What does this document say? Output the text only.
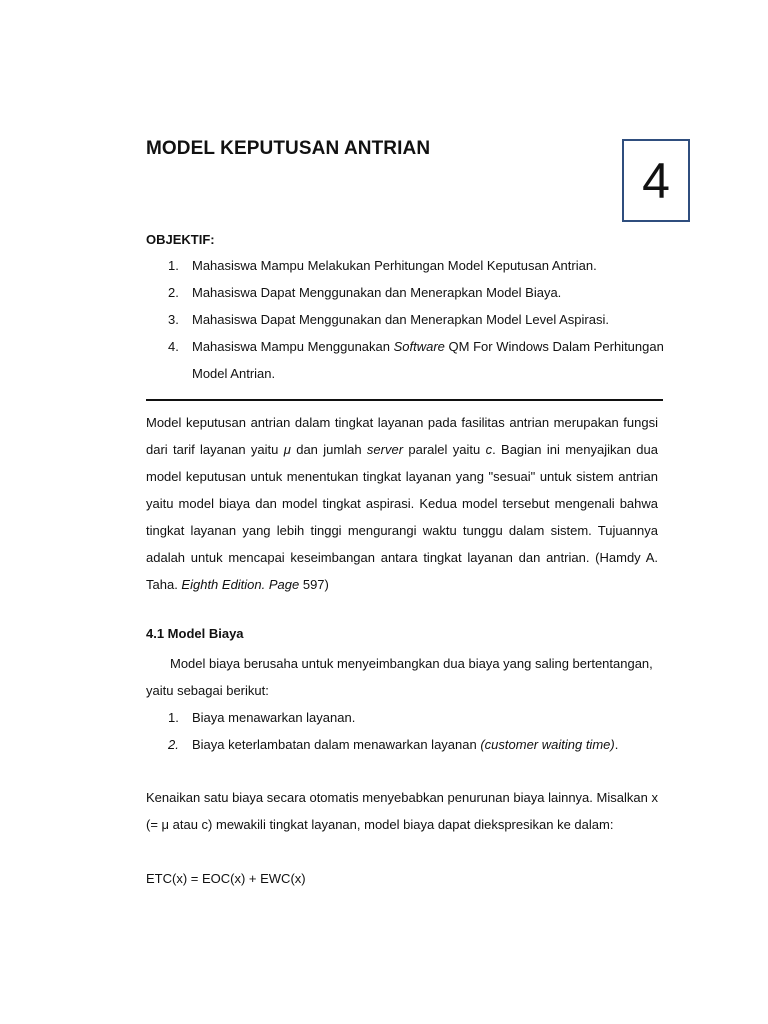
MODEL KEPUTUSAN ANTRIAN
4
OBJEKTIF:
1. Mahasiswa Mampu Melakukan Perhitungan Model Keputusan Antrian.
2. Mahasiswa Dapat Menggunakan dan Menerapkan Model Biaya.
3. Mahasiswa Dapat Menggunakan dan Menerapkan Model Level Aspirasi.
4. Mahasiswa Mampu Menggunakan Software QM For Windows Dalam Perhitungan Model Antrian.

Model keputusan antrian dalam tingkat layanan pada fasilitas antrian merupakan fungsi dari tarif layanan yaitu μ dan jumlah server paralel yaitu c. Bagian ini menyajikan dua model keputusan untuk menentukan tingkat layanan yang "sesuai" untuk sistem antrian yaitu model biaya dan model tingkat aspirasi. Kedua model tersebut mengenali bahwa tingkat layanan yang lebih tinggi mengurangi waktu tunggu dalam sistem. Tujuannya adalah untuk mencapai keseimbangan antara tingkat layanan dan antrian. (Hamdy A. Taha. Eighth Edition. Page 597)

4.1 Model Biaya

Model biaya berusaha untuk menyeimbangkan dua biaya yang saling bertentangan, yaitu sebagai berikut:

1. Biaya menawarkan layanan.
2. Biaya keterlambatan dalam menawarkan layanan (customer waiting time).

Kenaikan satu biaya secara otomatis menyebabkan penurunan biaya lainnya. Misalkan x (= μ atau c) mewakili tingkat layanan, model biaya dapat diekspresikan ke dalam:

ETC(x) = EOC(x) + EWC(x)
